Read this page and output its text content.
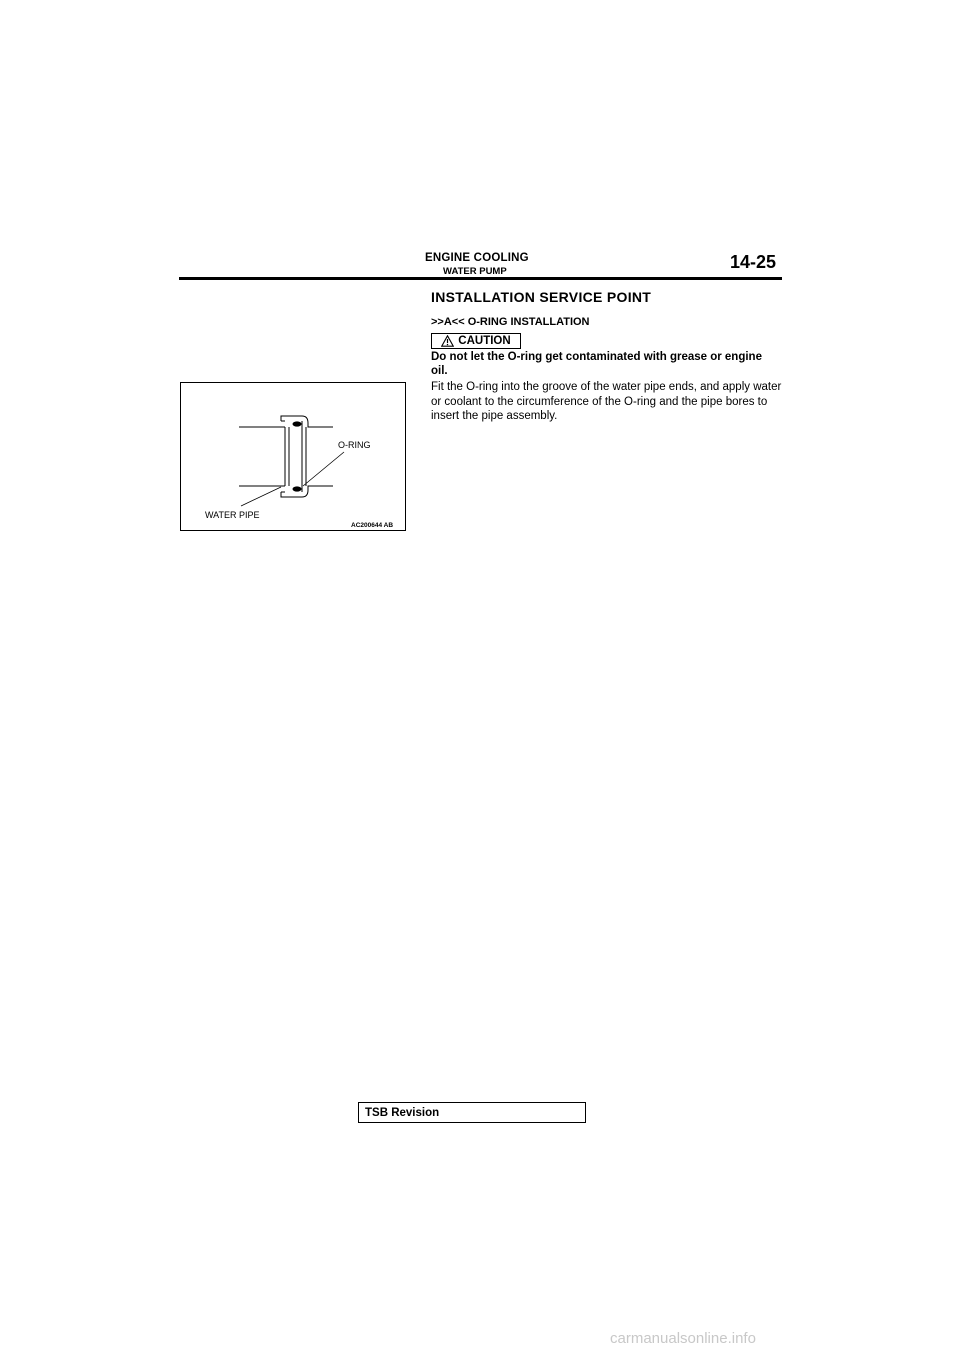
ENGINE COOLING
WATER PUMP	14-25
INSTALLATION SERVICE POINT
>>A<< O-RING INSTALLATION
CAUTION
Do not let the O-ring get contaminated with grease or engine oil.
Fit the O-ring into the groove of the water pipe ends, and apply water or coolant to the circumference of the O-ring and the pipe bores to insert the pipe assembly.
O-RING
WATER PIPE
AC200644 AB
TSB Revision
carmanualsonline.info
